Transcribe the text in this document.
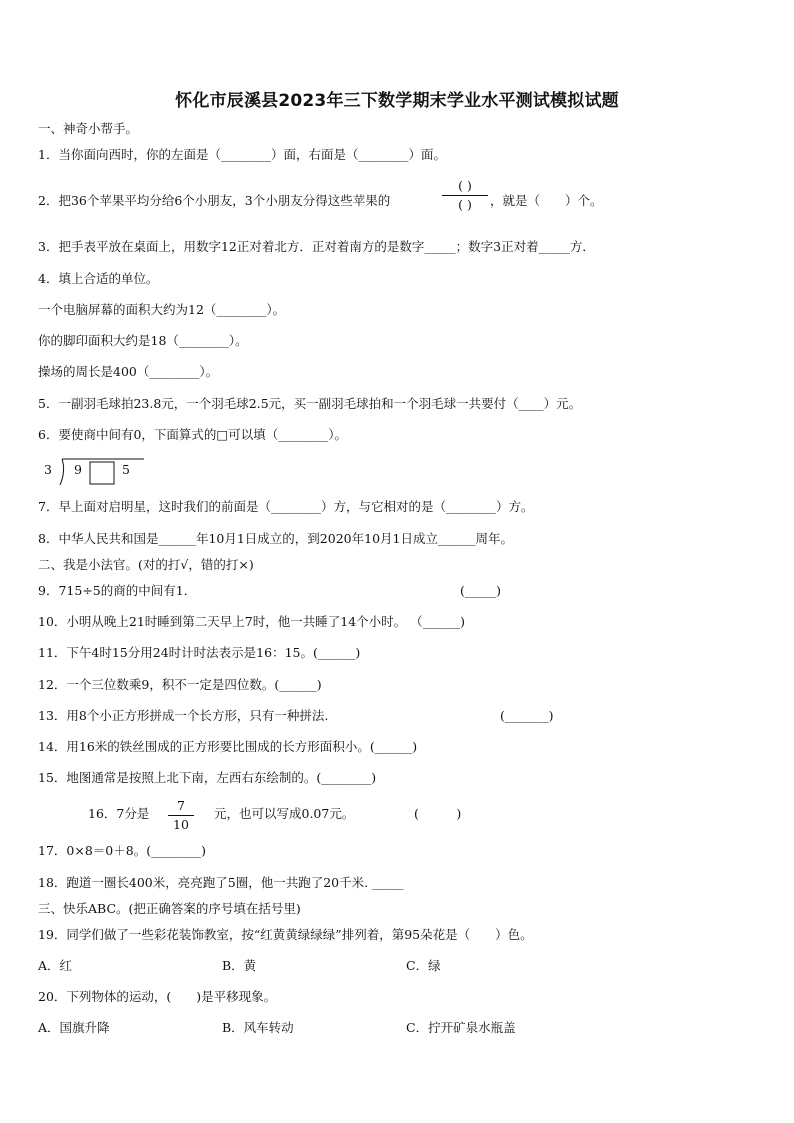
怀化市辰溪县2023年三下数学期末学业水平测试模拟试题
一、神奇小帮手。
1．当你面向西时，你的左面是（________）面，右面是（________）面。
2．把36个苹果平均分给6个小朋友，3个小朋友分得这些苹果的
( )
( )	，就是（　　）个。
3．把手表平放在桌面上，用数字12正对着北方．正对着南方的是数字_____；数字3正对着_____方．
4．填上合适的单位。
一个电脑屏幕的面积大约为12（________）。
你的脚印面积大约是18（________）。
操场的周长是400（________）。
5．一副羽毛球拍23.8元，一个羽毛球2.5元，买一副羽毛球拍和一个羽毛球一共要付（____）元。
6．要使商中间有0，下面算式的□可以填（________）。
3 9	5
7．早上面对启明星，这时我们的前面是（________）方，与它相对的是（________）方。
8．中华人民共和国是______年10月1日成立的，到2020年10月1日成立______周年。
二、我是小法官。(对的打√，错的打×)
9．715÷5的商的中间有1．	(_____)
10．小明从晚上21时睡到第二天早上7时，他一共睡了14个小时。 （______)
11．下午4时15分用24时计时法表示是16：15。(______)
12．一个三位数乘9，积不一定是四位数。(______)
13．用8个小正方形拼成一个长方形，只有一种拼法.	(_______)
14．用16米的铁丝围成的正方形要比围成的长方形面积小。(______)
15．地图通常是按照上北下南，左西右东绘制的。(________)
16．7分是
7
10
元，也可以写成0.07元。	(　　　)
17．0×8＝0＋8。(________)
18．跑道一圈长400米，亮亮跑了5圈，他一共跑了20千米. _____
三、快乐ABC。(把正确答案的序号填在括号里)
19．同学们做了一些彩花装饰教室，按“红黄黄绿绿绿”排列着，第95朵花是（　　）色。
A．红	B．黄	C．绿
20．下列物体的运动，(　　)是平移现象。
A．国旗升降	B．风车转动	C．拧开矿泉水瓶盖
